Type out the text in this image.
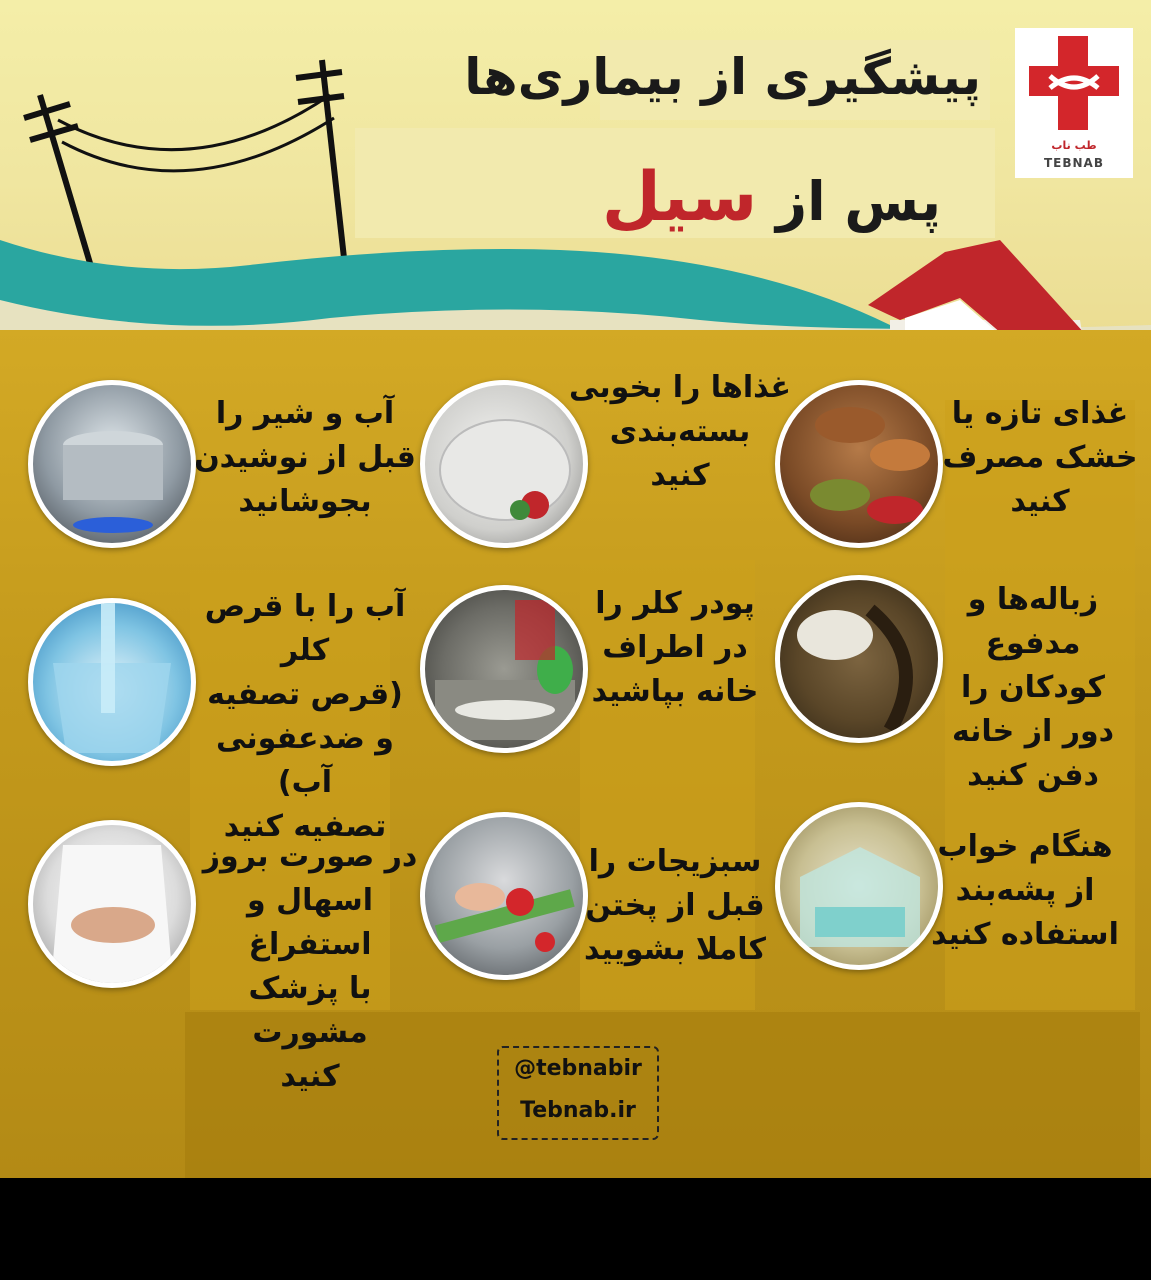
پیشگیری از بیماری‌ها
پس از سیل
طب ناب
TEBNAB
آب و شیر را
قبل از نوشیدن
بجوشانید
غذاها را بخوبی
بسته‌بندی
کنید
غذای تازه یا
خشک مصرف
کنید
آب را با قرص کلر
(قرص تصفیه
و ضدعفونی آب)
تصفیه کنید
پودر کلر را
در اطراف
خانه بپاشید
زباله‌ها و مدفوع
کودکان را
دور از خانه
دفن کنید
در صورت بروز
اسهال و استفراغ
با پزشک مشورت
کنید
سبزیجات را
قبل از پختن
کاملا بشویید
هنگام خواب
از پشه‌بند
استفاده کنید
@tebnabir
Tebnab.ir
